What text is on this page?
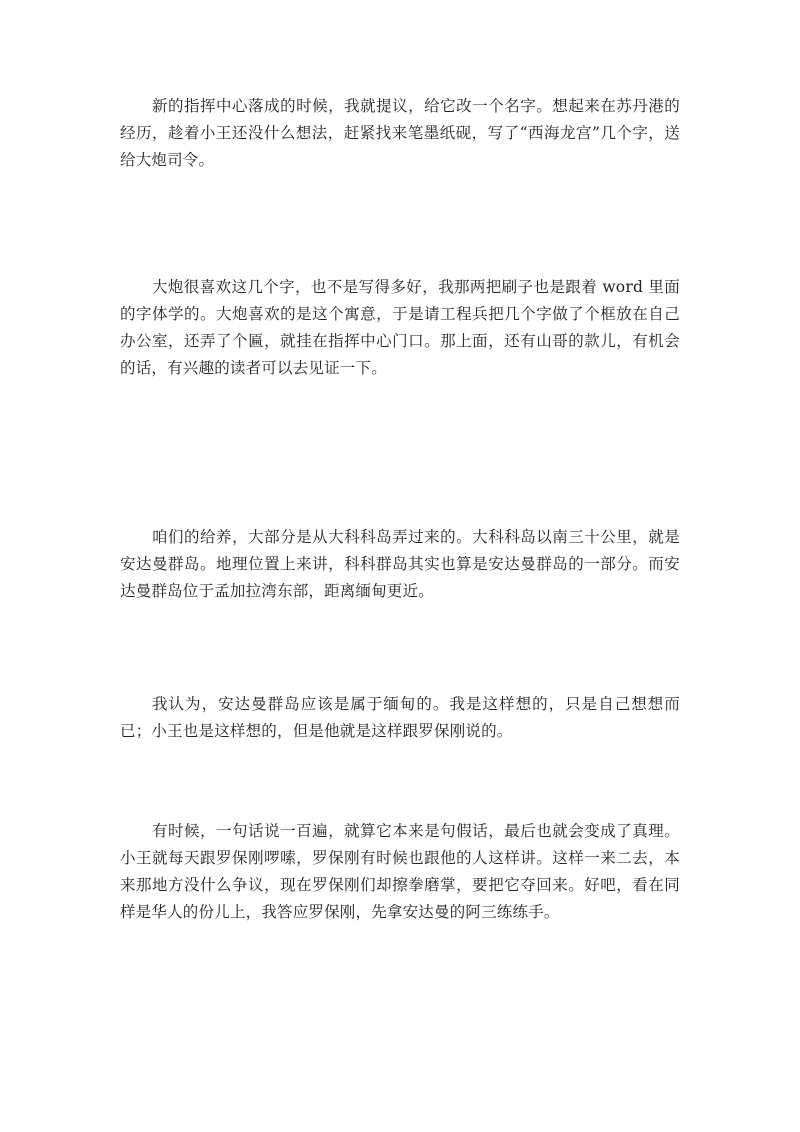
新的指挥中心落成的时候，我就提议，给它改一个名字。想起来在苏丹港的经历，趁着小王还没什么想法，赶紧找来笔墨纸砚，写了“西海龙宫”几个字，送给大炮司令。

大炮很喜欢这几个字，也不是写得多好，我那两把刷子也是跟着 word 里面的字体学的。大炮喜欢的是这个寓意，于是请工程兵把几个字做了个框放在自己办公室，还弄了个匾，就挂在指挥中心门口。那上面，还有山哥的款儿，有机会的话，有兴趣的读者可以去见证一下。

咱们的给养，大部分是从大科科岛弄过来的。大科科岛以南三十公里，就是安达曼群岛。地理位置上来讲，科科群岛其实也算是安达曼群岛的一部分。而安达曼群岛位于孟加拉湾东部，距离缅甸更近。

我认为，安达曼群岛应该是属于缅甸的。我是这样想的，只是自己想想而已；小王也是这样想的，但是他就是这样跟罗保刚说的。

有时候，一句话说一百遍，就算它本来是句假话，最后也就会变成了真理。小王就每天跟罗保刚啰嗦，罗保刚有时候也跟他的人这样讲。这样一来二去，本来那地方没什么争议，现在罗保刚们却擦拳磨掌，要把它夺回来。好吧，看在同样是华人的份儿上，我答应罗保刚，先拿安达曼的阿三练练手。
